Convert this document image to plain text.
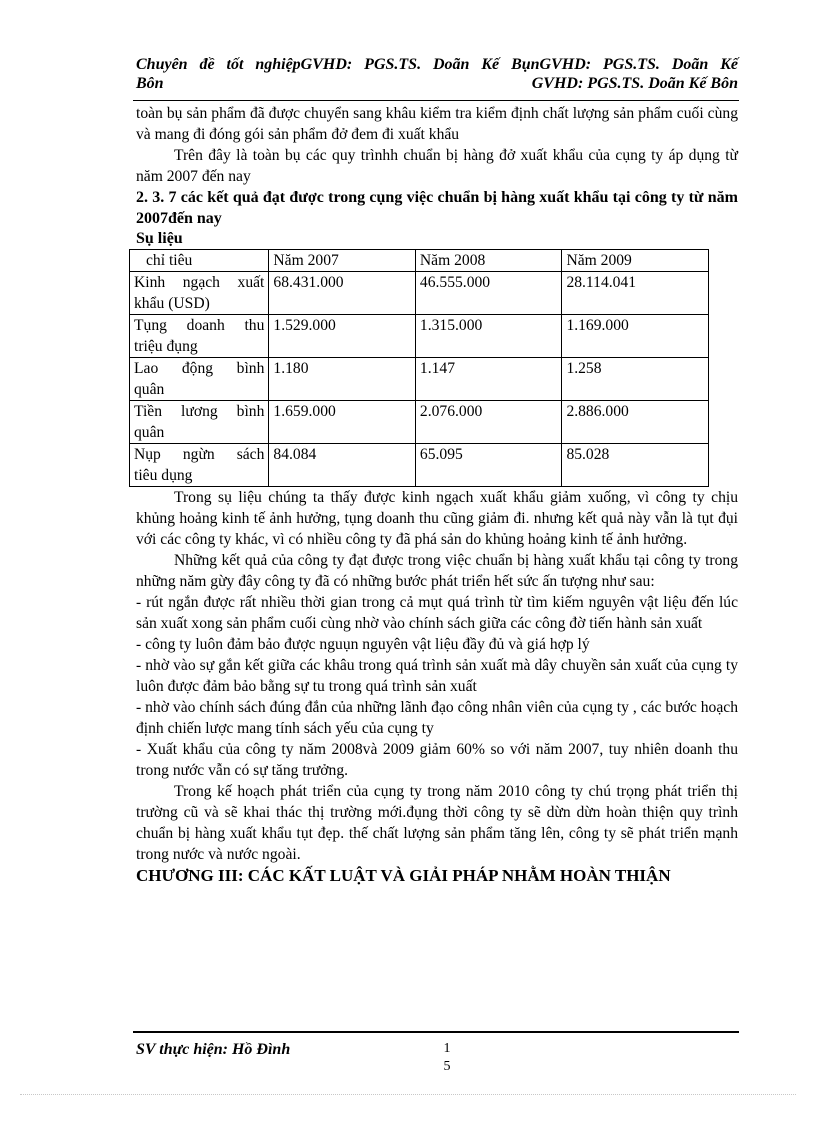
Chuyên đề tốt nghiệpGVHD: PGS.TS. Doãn Kế BụnGVHD: PGS.TS. Doãn Kế
Bôn	GVHD: PGS.TS. Doãn Kế Bôn

toàn bụ sản phẩm đã được chuyển sang khâu kiểm tra kiểm định chất lượng sản phẩm cuối cùng và mang đi đóng gói sản phẩm đở đem đi xuất khẩu

Trên đây là toàn bụ các quy trìnhh chuẩn bị hàng đở xuất khẩu của cụng ty áp dụng từ năm 2007 đến nay

2. 3. 7 các kết quả đạt được trong cụng việc chuẩn bị hàng xuất khẩu tại công ty từ năm 2007đến nay

Sụ liệu

chỉ tiêu	Năm 2007	Năm 2008	Năm 2009
Kinh ngạch xuất
khẩu (USD)	68.431.000	46.555.000	28.114.041
Tụng doanh thu
triệu đụng	1.529.000	1.315.000	1.169.000
Lao động bình
quân	1.180	1.147	1.258
Tiền lương bình
quân	1.659.000	2.076.000	2.886.000
Nụp ngừn sách
tiêu dụng	84.084	65.095	85.028

Trong sụ liệu chúng ta thấy được kinh ngạch xuất khẩu giảm xuống, vì công ty chịu khủng hoảng kinh tế ảnh hưởng, tụng doanh thu cũng giảm đi. nhưng kết quả này vẫn là tụt đụi với các công ty khác, vì có nhiều công ty đã phá sản do khủng hoảng kinh tế ảnh hưởng.

Những kết quả của công ty đạt được trong việc chuẩn bị hàng xuất khẩu tại công ty trong những năm gừy đây công ty đã có những bước phát triển hết sức ấn tượng như sau:

- rút ngắn được rất nhiều thời gian trong cả mụt quá trình từ tìm kiếm nguyên vật liệu đến lúc sản xuất xong sản phẩm cuối cùng nhờ vào chính sách giữa các công đờ tiến hành sản xuất

- công ty luôn đảm bảo được nguụn nguyên vật liệu đầy đủ và giá hợp lý

- nhờ vào sự gắn kết giữa các khâu trong quá trình sản xuất mà dây chuyền sản xuất của cụng ty luôn được đảm bảo bằng sự tu trong quá trình sản xuất

- nhờ vào chính sách đúng đắn của những lãnh đạo công nhân viên của cụng ty , các bước hoạch định chiến lược mang tính sách yếu của cụng ty

- Xuất khẩu của công ty năm 2008và 2009 giảm 60% so với năm 2007, tuy nhiên doanh thu trong nước vẫn có sự tăng trưởng.

Trong kế hoạch phát triển của cụng ty trong năm 2010 công ty chú trọng phát triển thị trường cũ và sẽ khai thác thị trường mới.đụng thời công ty sẽ dừn dừn hoàn thiện quy trình chuẩn bị hàng xuất khẩu tụt đẹp. thế chất lượng sản phẩm tăng lên, công ty sẽ phát triển mạnh trong nước và nước ngoài.

CHƯƠNG III: CÁC KẤT LUẬT VÀ GIẢI PHÁP NHẰM HOÀN THIẬN

SV thực hiện: Hồ Đình	1
5
